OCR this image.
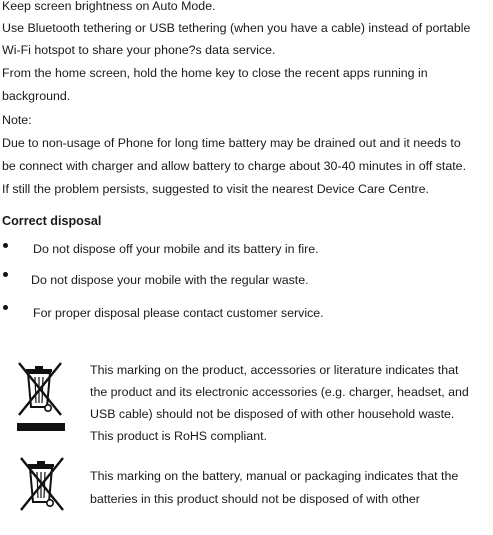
Keep screen brightness on Auto Mode.
Use Bluetooth tethering or USB tethering (when you have a cable) instead of portable
Wi-Fi hotspot to share your phone?s data service.
From the home screen, hold the home key to close the recent apps running in
background.
Note:
Due to non-usage of Phone for long time battery may be drained out and it needs to
be connect with charger and allow battery to charge about 30-40 minutes in off state.
If still the problem persists, suggested to visit the nearest Device Care Centre.
Correct disposal
Do not dispose off your mobile and its battery in fire.
Do not dispose your mobile with the regular waste.
For proper disposal please contact customer service.
This marking on the product, accessories or literature indicates that
the product and its electronic accessories (e.g. charger, headset, and
USB cable) should not be disposed of with other household waste.
This product is RoHS compliant.
This marking on the battery, manual or packaging indicates that the
batteries in this product should not be disposed of with other
